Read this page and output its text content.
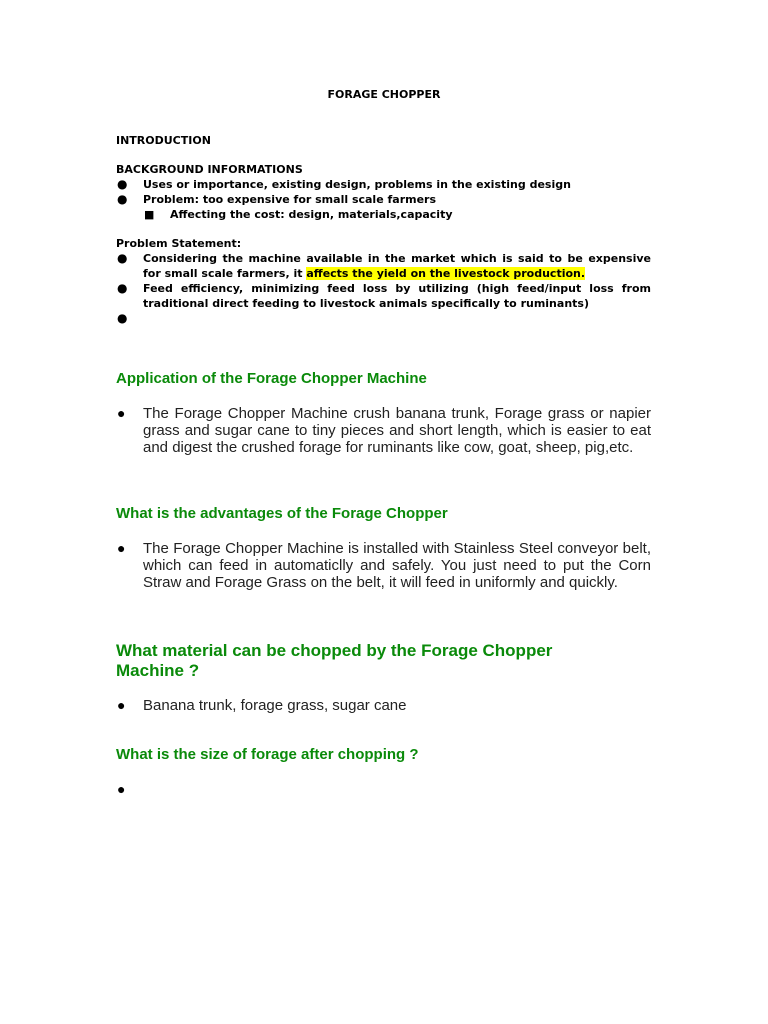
FORAGE CHOPPER
INTRODUCTION
BACKGROUND INFORMATIONS
● Uses or importance, existing design, problems in the existing design
● Problem: too expensive for small scale farmers
■ Affecting the cost: design, materials,capacity
Problem Statement:
● Considering the machine available in the market which is said to be expensive for small scale farmers, it affects the yield on the livestock production.
● Feed efficiency, minimizing feed loss by utilizing (high feed/input loss from traditional direct feeding to livestock animals specifically to ruminants)
●

Application of the Forage Chopper Machine
● The Forage Chopper Machine crush banana trunk, Forage grass or napier grass and sugar cane to tiny pieces and short length, which is easier to eat and digest the crushed forage for ruminants like cow, goat, sheep, pig,etc.
What is the advantages of the Forage Chopper
● The Forage Chopper Machine is installed with Stainless Steel conveyor belt, which can feed in automaticlly and safely. You just need to put the Corn Straw and Forage Grass on the belt, it will feed in uniformly and quickly.
What material can be chopped by the Forage Chopper Machine ?
● Banana trunk, forage grass, sugar cane
What is the size of forage after chopping ?
●
